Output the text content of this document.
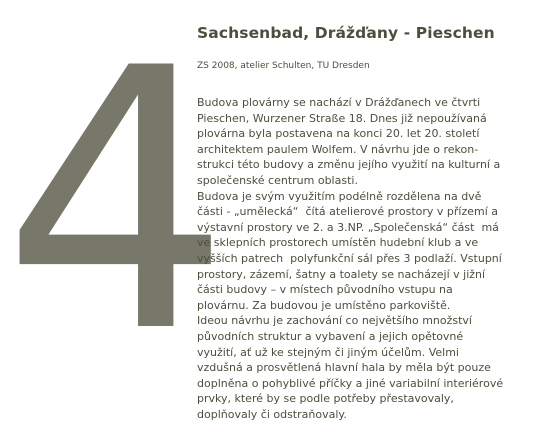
4
Sachsenbad, Drážďany - Pieschen

ZS 2008, atelier Schulten, TU Dresden

Budova plovárny se nachází v Drážďanech ve čtvrti
Pieschen, Wurzener Straße 18. Dnes již nepoužívaná
plovárna byla postavena na konci 20. let 20. století
architektem paulem Wolfem. V návrhu jde o rekon-
strukci této budovy a změnu jejího využití na kulturní a
společenské centrum oblasti.
Budova je svým využitím podélně rozdělena na dvě
části - „umělecká“  čítá atelierové prostory v přízemí a
výstavní prostory ve 2. a 3.NP. „Společenská“ část  má
ve sklepních prostorech umístěn hudební klub a ve
vyšších patrech  polyfunkční sál přes 3 podlaží. Vstupní
prostory, zázemí, šatny a toalety se nacházejí v jižní
části budovy – v místech původního vstupu na
plovárnu. Za budovou je umístěno parkoviště.
Ideou návrhu je zachování co největšího množství
původních struktur a vybavení a jejich opětovné
využití, ať už ke stejným či jiným účelům. Velmi
vzdušná a prosvětlená hlavní hala by měla být pouze
doplněna o pohyblivé příčky a jiné variabilní interiérové
prvky, které by se podle potřeby přestavovaly,
doplňovaly či odstraňovaly.
